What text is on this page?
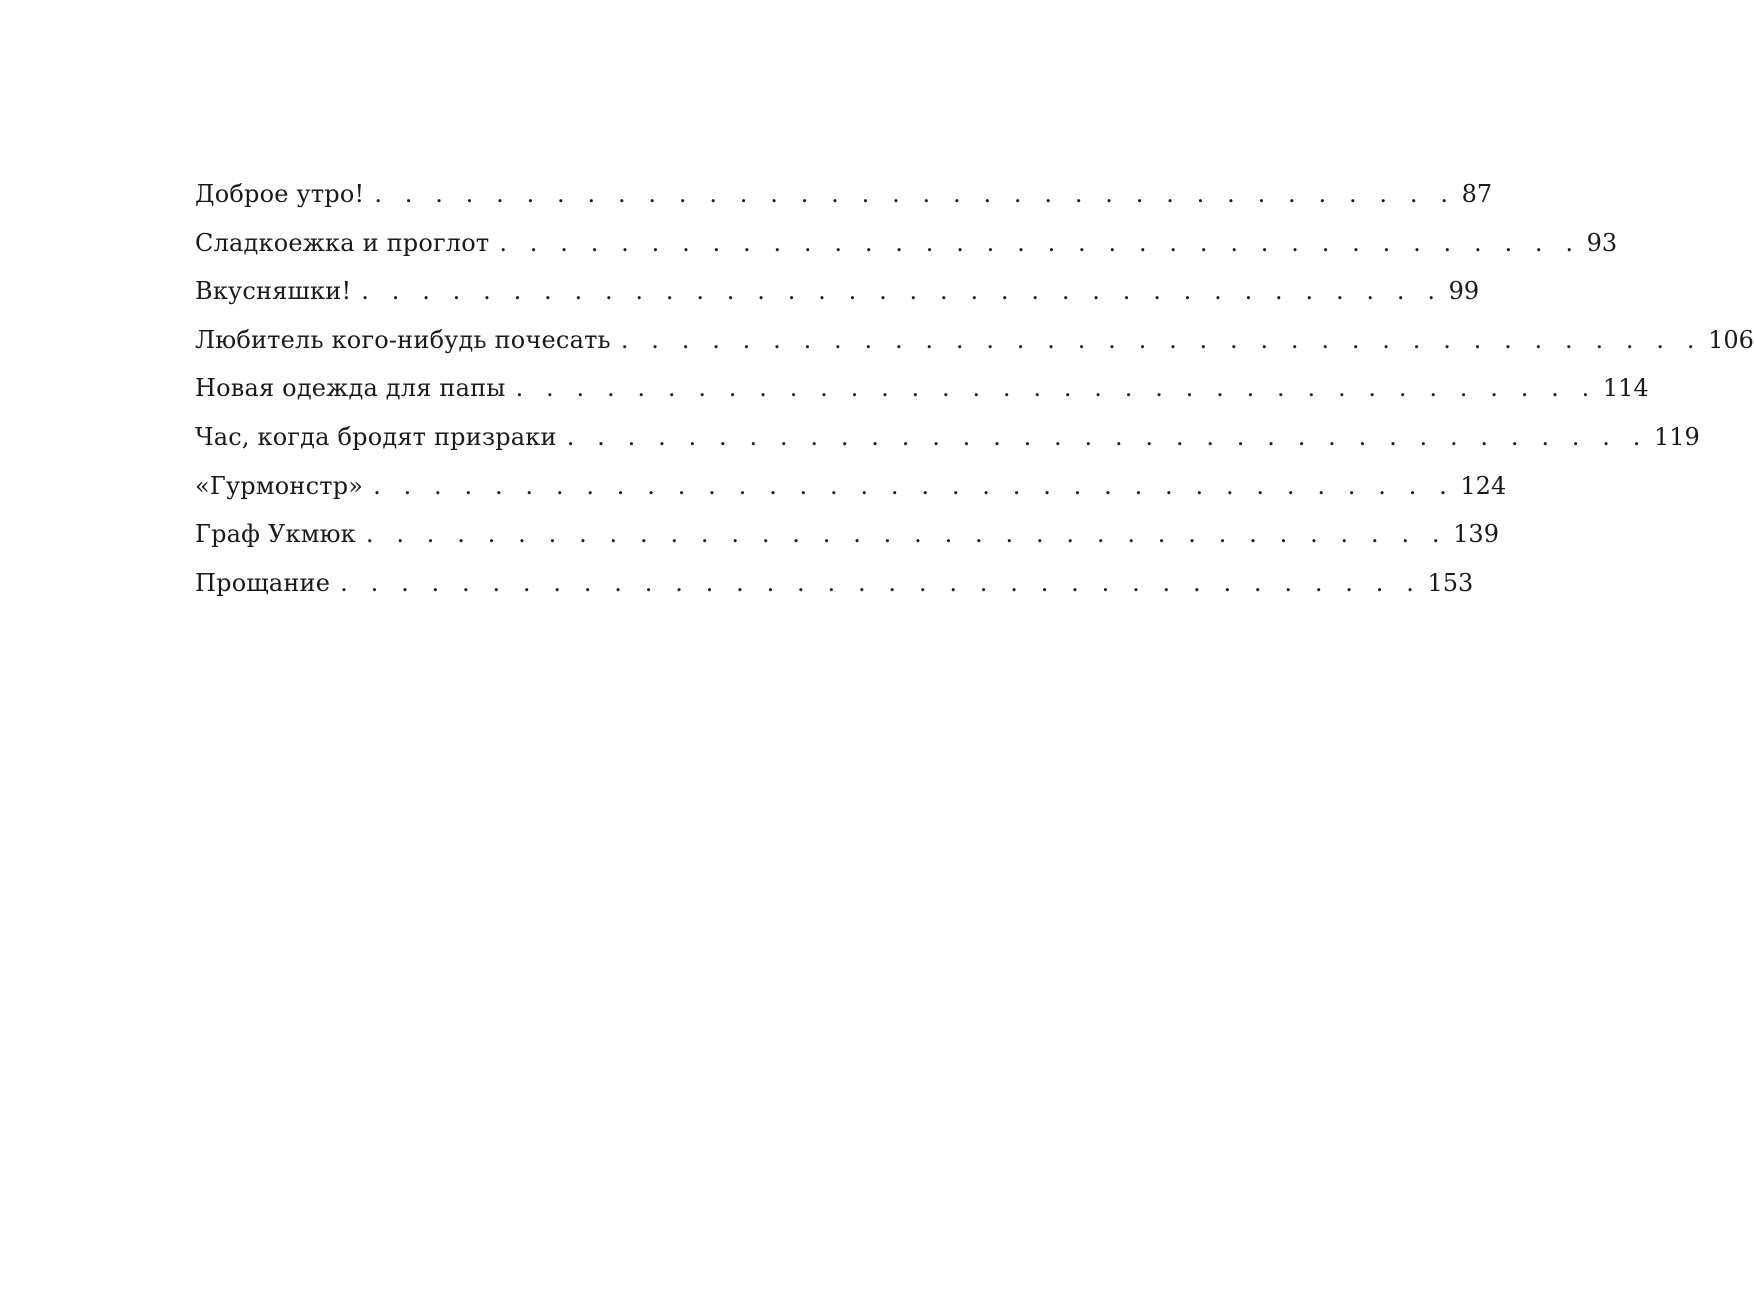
Доброе утро! . . . . . . . . . . . . . . . . . . . . . . . . . . . . . . . . . . . . 87
Сладкоежка и проглот . . . . . . . . . . . . . . . . . . . . . . . . . . . . . . . . . . . . 93
Вкусняшки! . . . . . . . . . . . . . . . . . . . . . . . . . . . . . . . . . . . . 99
Любитель кого-нибудь почесать . . . . . . . . . . . . . . . . . . . . . . . . . . . . . . . . . . . . 106
Новая одежда для папы . . . . . . . . . . . . . . . . . . . . . . . . . . . . . . . . . . . . 114
Час, когда бродят призраки . . . . . . . . . . . . . . . . . . . . . . . . . . . . . . . . . . . . 119
«Гурмонстр» . . . . . . . . . . . . . . . . . . . . . . . . . . . . . . . . . . . . 124
Граф Укмюк . . . . . . . . . . . . . . . . . . . . . . . . . . . . . . . . . . . . 139
Прощание . . . . . . . . . . . . . . . . . . . . . . . . . . . . . . . . . . . . 153
